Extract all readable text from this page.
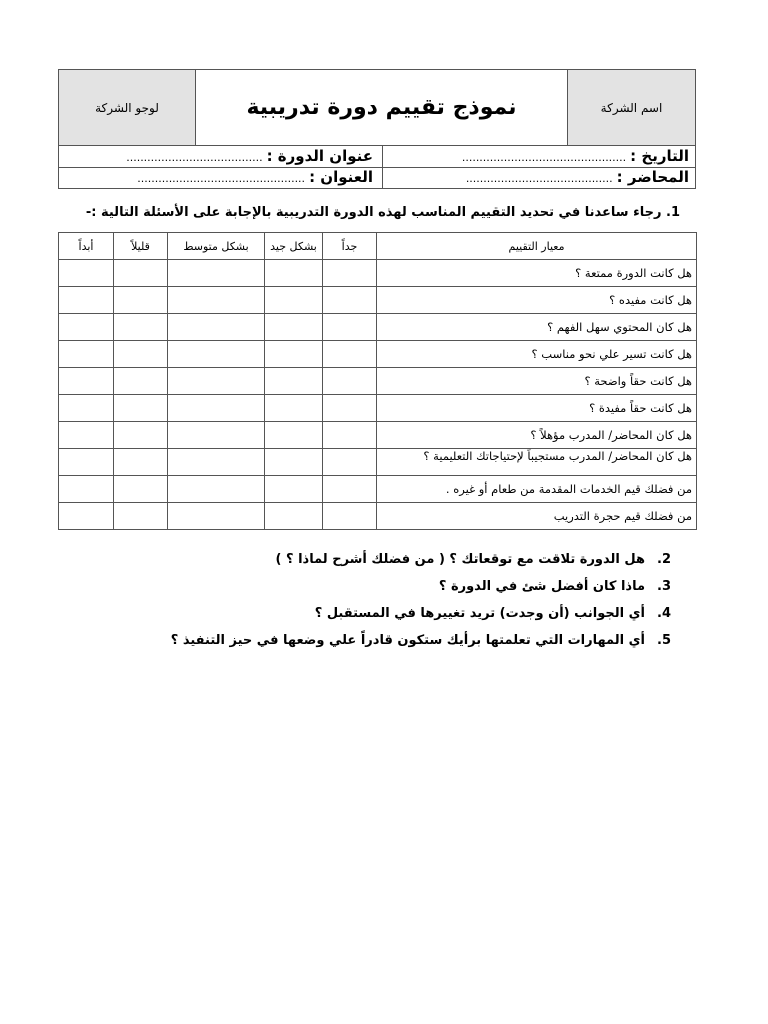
لوجو الشركة	نموذج تقييم دورة تدريبية	اسم الشركة
التاريخ :...............................................
عنوان الدورة :.......................................
المحاضر :..........................................
العنوان :................................................
1. رجاء ساعدنا في تحديد التقييم المناسب لهذه الدورة التدريبية بالإجابة على الأسئلة التالية :-
أبداً	قليلاً	بشكل متوسط	بشكل جيد	جداً	معيار التقييم
					هل كانت الدورة ممتعة ؟
					هل كانت مفيده ؟
					هل كان المحتوي سهل الفهم ؟
					هل كانت تسير علي نحو مناسب ؟
					هل كانت حقاً واضحة ؟
					هل كانت حقاً مفيدة ؟
					هل كان المحاضر/ المدرب مؤهلاً ؟

					هل كان المحاضر/ المدرب مستجيباً لإحتياجاتك التعليمية ؟

					من فضلك قيم الخدمات المقدمة من طعام أو غيره .
					من فضلك قيم حجرة التدريب
2.
هل الدورة تلاقت مع توقعاتك ؟ ( من فضلك أشرح لماذا ؟ )
3.
ماذا كان أفضل شئ في الدورة ؟
4.
أي الجوانب (أن وجدت) تريد تغييرها في المستقبل ؟
5.
أي المهارات التي تعلمتها برأيك ستكون قادراً علي وضعها في حيز التنفيذ ؟
